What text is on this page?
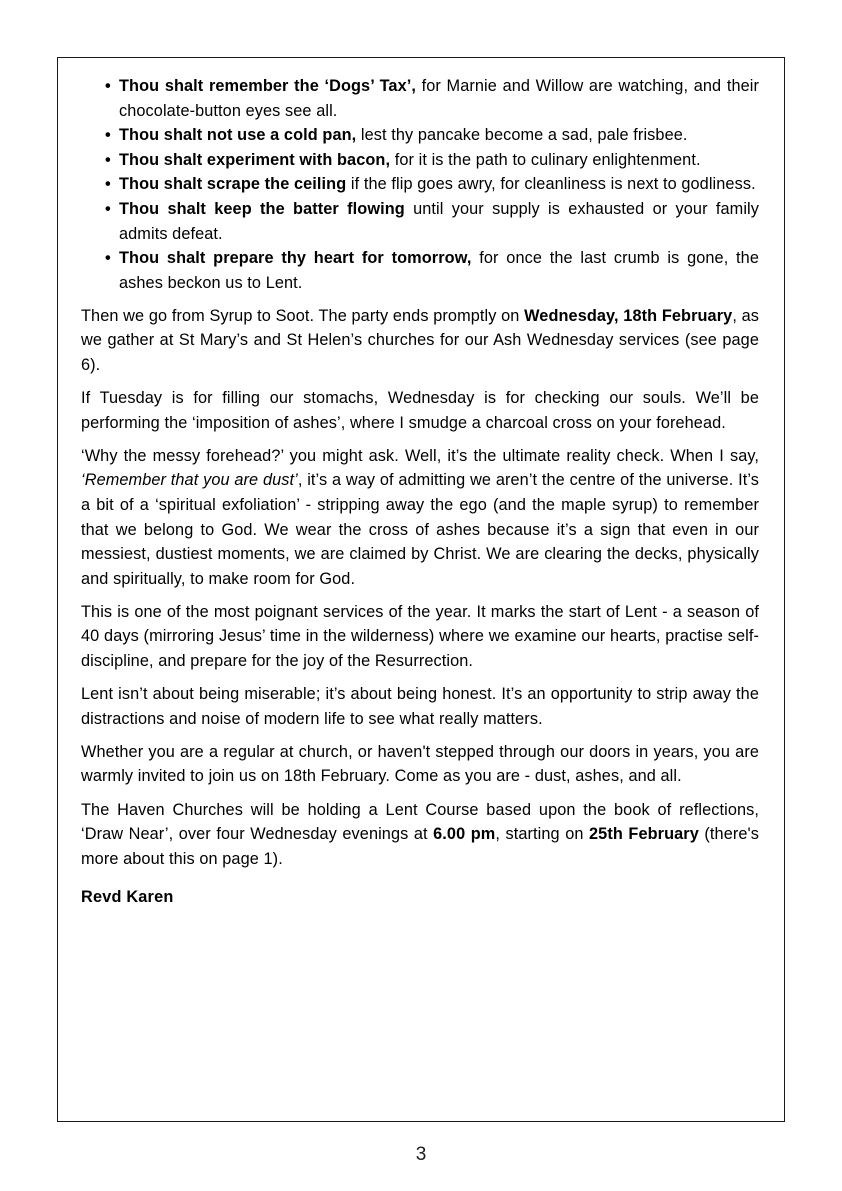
• Thou shalt remember the ‘Dogs’ Tax’, for Marnie and Willow are watching, and their chocolate-button eyes see all.
• Thou shalt not use a cold pan, lest thy pancake become a sad, pale frisbee.
• Thou shalt experiment with bacon, for it is the path to culinary enlightenment.
• Thou shalt scrape the ceiling if the flip goes awry, for cleanliness is next to godliness.
• Thou shalt keep the batter flowing until your supply is exhausted or your family admits defeat.
• Thou shalt prepare thy heart for tomorrow, for once the last crumb is gone, the ashes beckon us to Lent.

Then we go from Syrup to Soot. The party ends promptly on Wednesday, 18th February, as we gather at St Mary’s and St Helen’s churches for our Ash Wednesday services (see page 6).

If Tuesday is for filling our stomachs, Wednesday is for checking our souls. We’ll be performing the ‘imposition of ashes’, where I smudge a charcoal cross on your forehead.

‘Why the messy forehead?’ you might ask. Well, it’s the ultimate reality check. When I say, ‘Remember that you are dust’, it’s a way of admitting we aren’t the centre of the universe. It’s a bit of a ‘spiritual exfoliation’ - stripping away the ego (and the maple syrup) to remember that we belong to God. We wear the cross of ashes because it’s a sign that even in our messiest, dustiest moments, we are claimed by Christ. We are clearing the decks, physically and spiritually, to make room for God.

This is one of the most poignant services of the year. It marks the start of Lent - a season of 40 days (mirroring Jesus’ time in the wilderness) where we examine our hearts, practise self-discipline, and prepare for the joy of the Resurrection.

Lent isn’t about being miserable; it’s about being honest. It’s an opportunity to strip away the distractions and noise of modern life to see what really matters.

Whether you are a regular at church, or haven't stepped through our doors in years, you are warmly invited to join us on 18th February. Come as you are - dust, ashes, and all.

The Haven Churches will be holding a Lent Course based upon the book of reflections, ‘Draw Near’, over four Wednesday evenings at 6.00 pm, starting on 25th February (there's more about this on page 1).

Revd Karen
3
